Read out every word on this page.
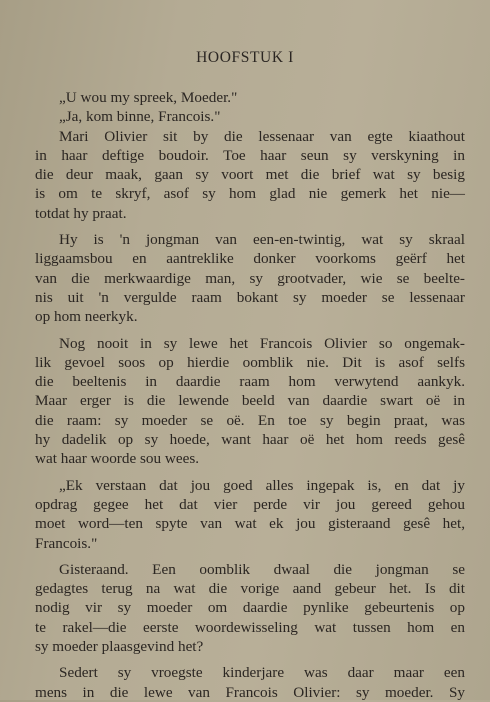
HOOFSTUK I
„U wou my spreek, Moeder."
„Ja, kom binne, Francois."
Mari Olivier sit by die lessenaar van egte kiaathout
in haar deftige boudoir. Toe haar seun sy verskyning in
die deur maak, gaan sy voort met die brief wat sy besig
is om te skryf, asof sy hom glad nie gemerk het nie—
totdat hy praat.
Hy is 'n jongman van een-en-twintig, wat sy skraal
liggaamsbou en aantreklike donker voorkoms geërf het
van die merkwaardige man, sy grootvader, wie se beelte-
nis uit 'n vergulde raam bokant sy moeder se lessenaar
op hom neerkyk.
Nog nooit in sy lewe het Francois Olivier so ongemak-
lik gevoel soos op hierdie oomblik nie. Dit is asof selfs
die beeltenis in daardie raam hom verwytend aankyk.
Maar erger is die lewende beeld van daardie swart oë in
die raam: sy moeder se oë. En toe sy begin praat, was
hy dadelik op sy hoede, want haar oë het hom reeds gesê
wat haar woorde sou wees.
„Ek verstaan dat jou goed alles ingepak is, en dat jy
opdrag gegee het dat vier perde vir jou gereed gehou
moet word—ten spyte van wat ek jou gisteraand gesê het,
Francois."
Gisteraand. Een oomblik dwaal die jongman se
gedagtes terug na wat die vorige aand gebeur het. Is dit
nodig vir sy moeder om daardie pynlike gebeurtenis op
te rakel—die eerste woordewisseling wat tussen hom en
sy moeder plaasgevind het?
Sedert sy vroegste kinderjare was daar maar een
mens in die lewe van Francois Olivier: sy moeder. Sy
